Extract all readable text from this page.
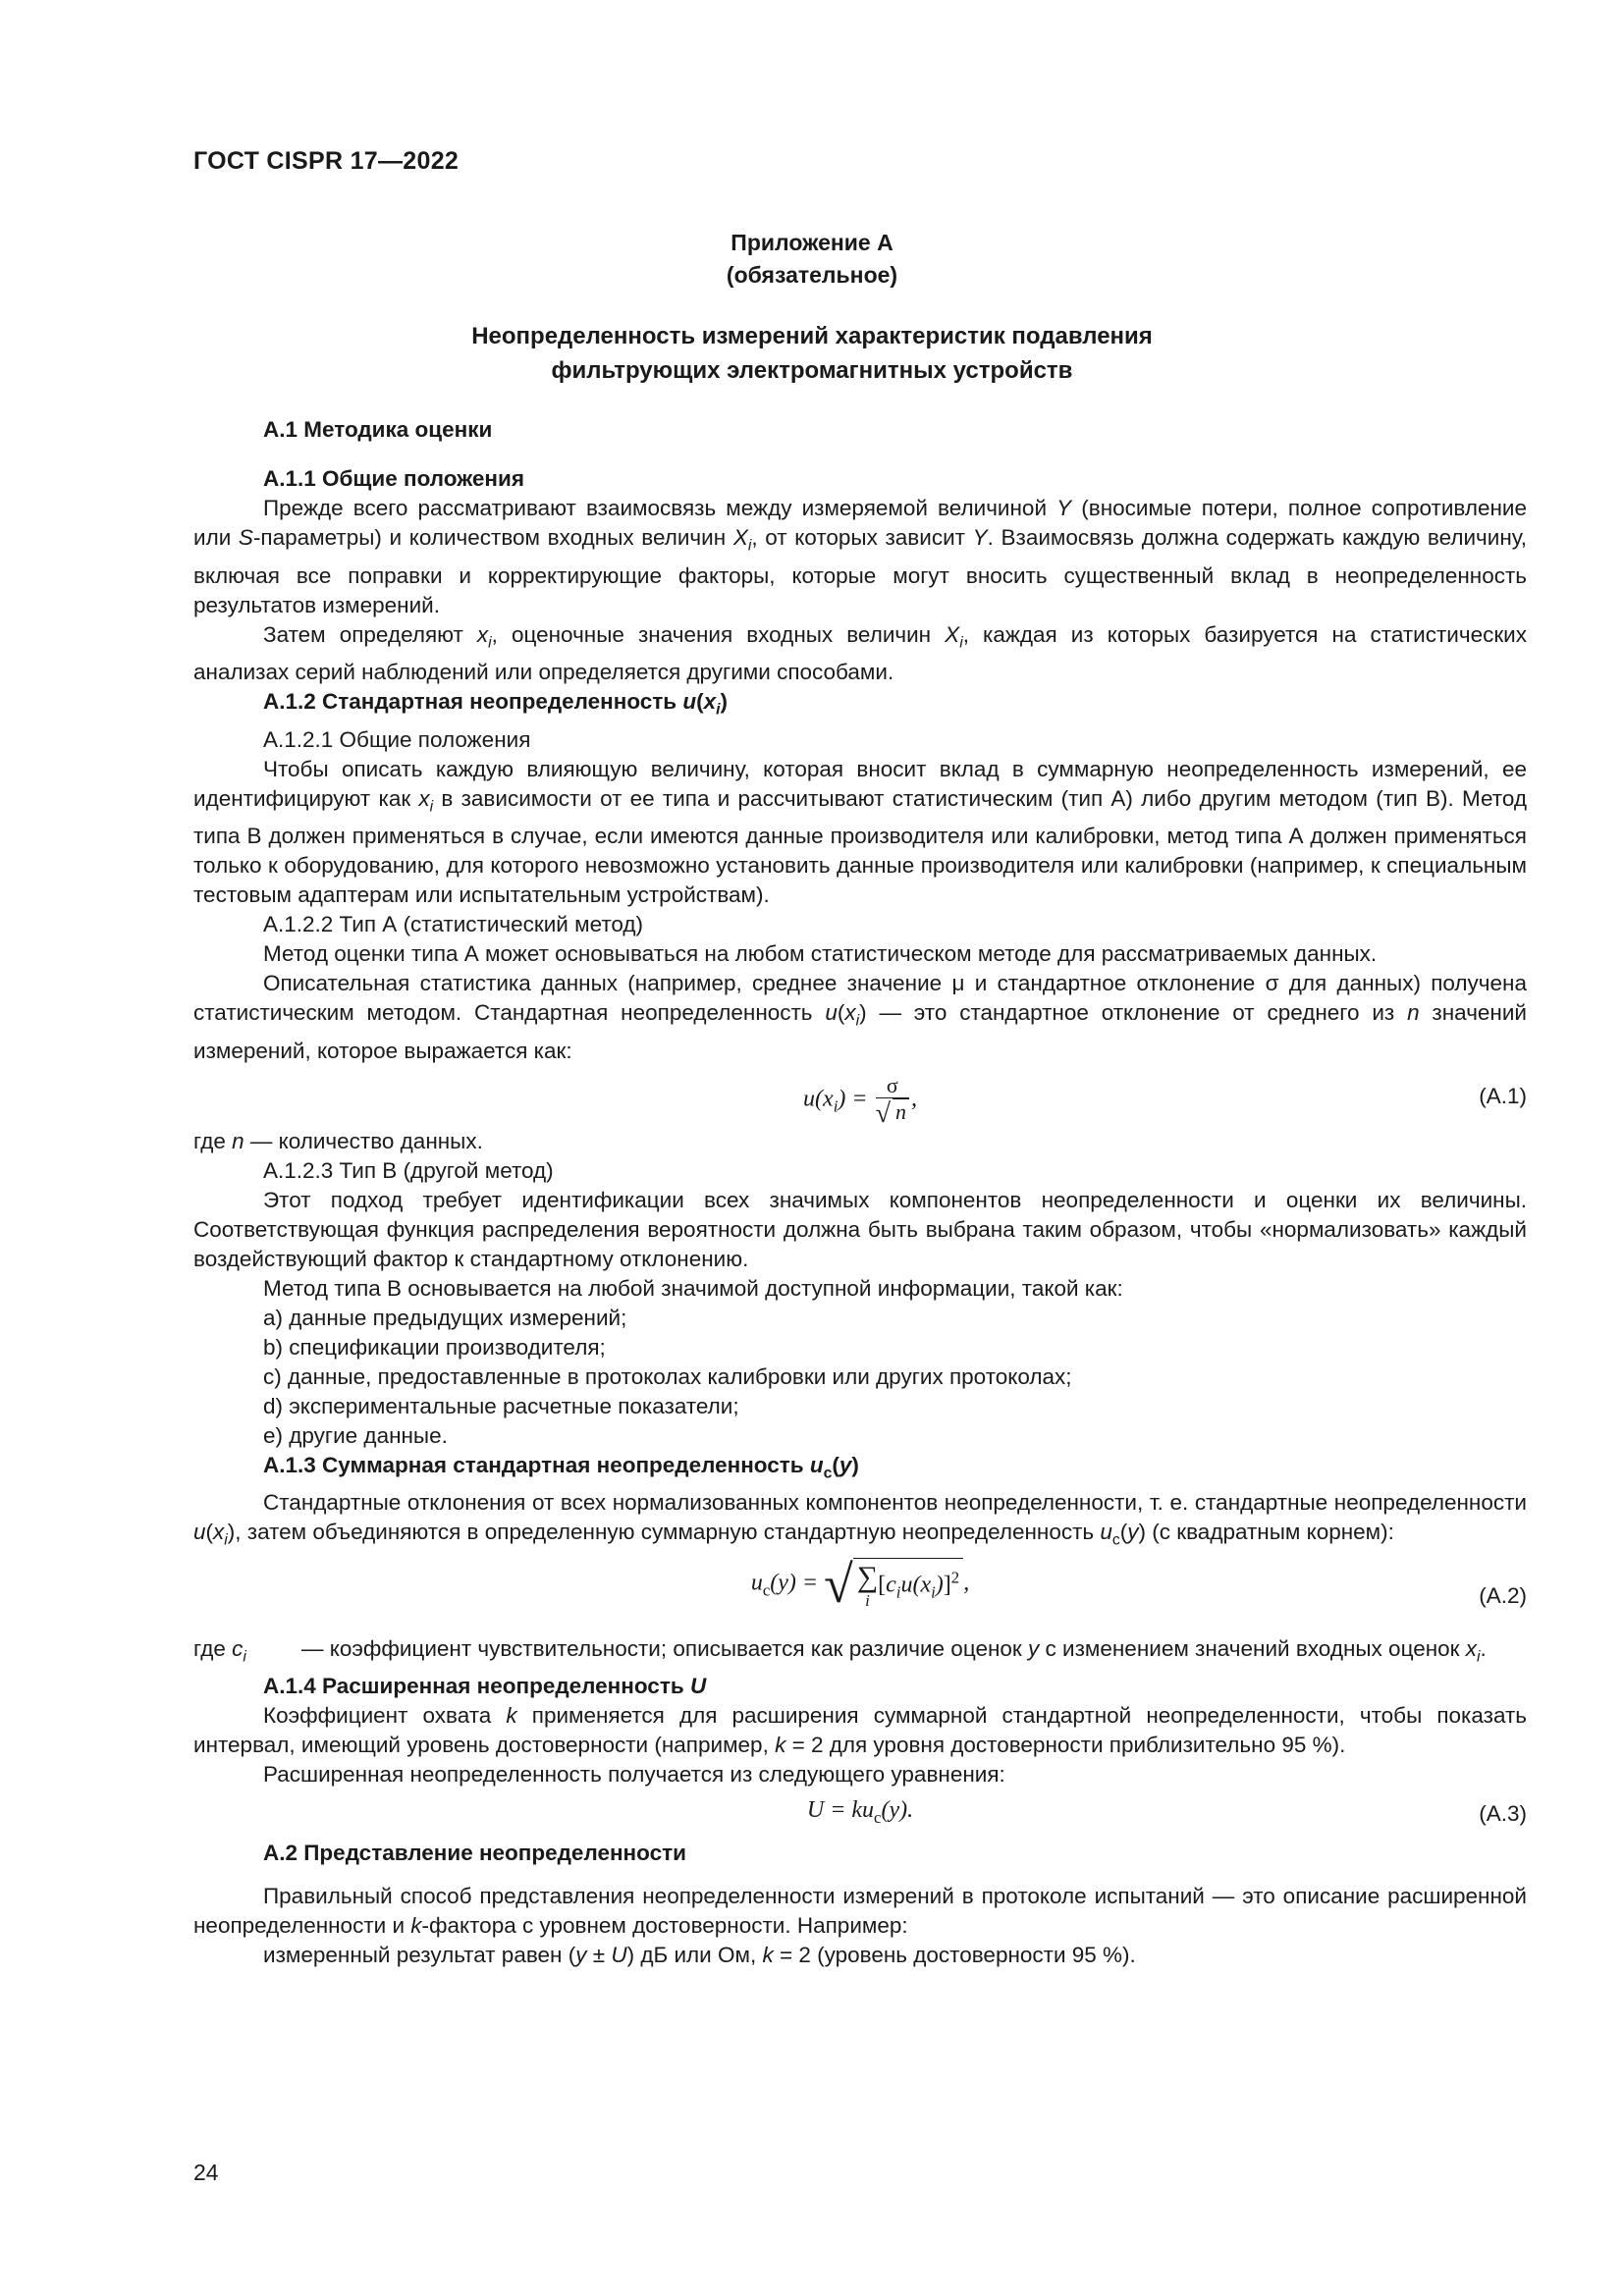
ГОСТ CISPR 17—2022
Приложение А
(обязательное)
Неопределенность измерений характеристик подавления
фильтрующих электромагнитных устройств

А.1 Методика оценки

А.1.1 Общие положения

Прежде всего рассматривают взаимосвязь между измеряемой величиной Y (вносимые потери, полное сопротивление или S-параметры) и количеством входных величин $X_i$, от которых зависит Y. Взаимосвязь должна содержать каждую величину, включая все поправки и корректирующие факторы, которые могут вносить существенный вклад в неопределенность результатов измерений.

Затем определяют $x_i$, оценочные значения входных величин $X_i$, каждая из которых базируется на статистических анализах серий наблюдений или определяется другими способами.

А.1.2 Стандартная неопределенность $u(x_i)$

А.1.2.1 Общие положения

Чтобы описать каждую влияющую величину, которая вносит вклад в суммарную неопределенность измерений, ее идентифицируют как $x_i$ в зависимости от ее типа и рассчитывают статистическим (тип А) либо другим методом (тип В). Метод типа В должен применяться в случае, если имеются данные производителя или калибровки, метод типа А должен применяться только к оборудованию, для которого невозможно установить данные производителя или калибровки (например, к специальным тестовым адаптерам или испытательным устройствам).

А.1.2.2 Тип А (статистический метод)

Метод оценки типа А может основываться на любом статистическом методе для рассматриваемых данных.

Описательная статистика данных (например, среднее значение μ и стандартное отклонение σ для данных) получена статистическим методом. Стандартная неопределенность $u(x_i)$ — это стандартное отклонение от среднего из n значений измерений, которое выражается как:

$u(x_i) = \frac{\sigma}{√ n}$ ,	(А.1)

где n — количество данных.

А.1.2.3 Тип В (другой метод)

Этот подход требует идентификации всех значимых компонентов неопределенности и оценки их величины. Соответствующая функция распределения вероятности должна быть выбрана таким образом, чтобы «нормализовать» каждый воздействующий фактор к стандартному отклонению.

Метод типа В основывается на любой значимой доступной информации, такой как:

a) данные предыдущих измерений;

b) спецификации производителя;

c) данные, предоставленные в протоколах калибровки или других протоколах;

d) экспериментальные расчетные показатели;

e) другие данные.

А.1.3 Суммарная стандартная неопределенность $u_c(y)$

Стандартные отклонения от всех нормализованных компонентов неопределенности, т. е. стандартные неопределенности $u(x_i)$, затем объединяются в определенную суммарную стандартную неопределенность $u_c(y)$ (с квадратным корнем):

$u_c(y)$ = √ ∑
i
$[c_iu(x_i)]^2$ ,	(А.2)
где $c_i$	— коэффициент чувствительности; описывается как различие оценок y с изменением значений входных оценок $x_i$.

А.1.4 Расширенная неопределенность U

Коэффициент охвата k применяется для расширения суммарной стандартной неопределенности, чтобы показать интервал, имеющий уровень достоверности (например, k = 2 для уровня достоверности приблизительно 95 %).

Расширенная неопределенность получается из следующего уравнения:

$U = ku_c(y)$.	(А.3)

А.2 Представление неопределенности

Правильный способ представления неопределенности измерений в протоколе испытаний — это описание расширенной неопределенности и k-фактора с уровнем достоверности. Например:

измеренный результат равен (y ± U) дБ или Ом, k = 2 (уровень достоверности 95 %).

24
